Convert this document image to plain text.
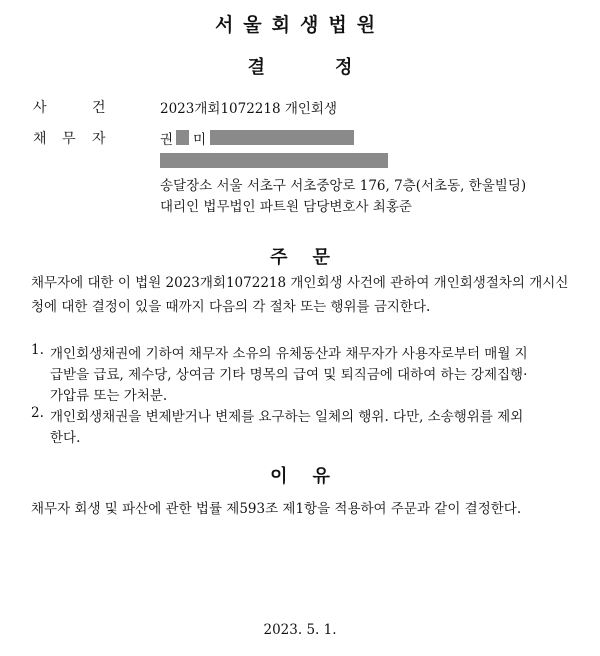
서울회생법원
결정
사	건	2023개회1072218 개인회생
채 무 자	권 미
송달장소 서울 서초구 서초중앙로 176, 7층(서초동, 한울빌딩)
대리인 법무법인 파트원 담당변호사 최홍준
주    문
채무자에 대한 이 법원 2023개회1072218 개인회생 사건에 관하여 개인회생절차의 개시신청에 대한 결정이 있을 때까지 다음의 각 절차 또는 행위를 금지한다.
1. 개인회생채권에 기하여 채무자 소유의 유체동산과 채무자가 사용자로부터 매월 지
급받을 급료, 제수당, 상여금 기타 명목의 급여 및 퇴직금에 대하여 하는 강제집행·
가압류 또는 가처분.
2. 개인회생채권을 변제받거나 변제를 요구하는 일체의 행위. 다만, 소송행위를 제외
한다.
이    유
채무자 회생 및 파산에 관한 법률 제593조 제1항을 적용하여 주문과 같이 결정한다.
2023. 5. 1.
